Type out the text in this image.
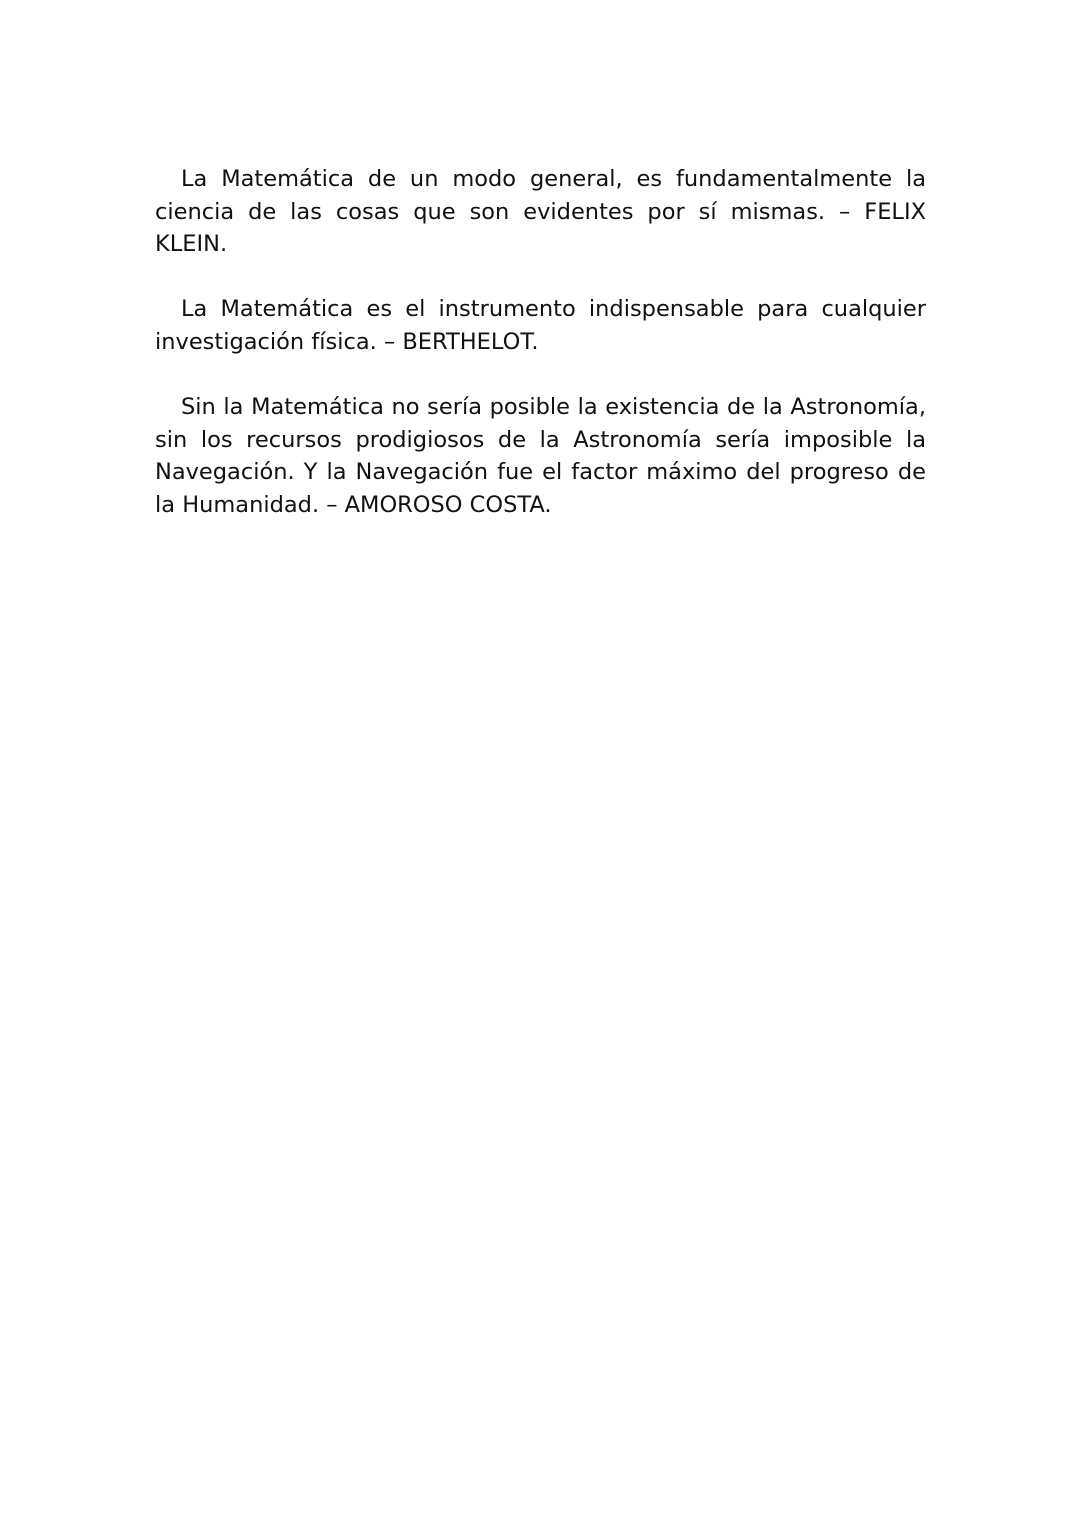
La Matemática de un modo general, es fundamentalmente la ciencia de las cosas que son evidentes por sí mismas. – FELIX KLEIN.

La Matemática es el instrumento indispensable para cualquier investigación física. – BERTHELOT.

Sin la Matemática no sería posible la existencia de la Astronomía, sin los recursos prodigiosos de la Astronomía sería imposible la Navegación. Y la Navegación fue el factor máximo del progreso de la Humanidad. – AMOROSO COSTA.
